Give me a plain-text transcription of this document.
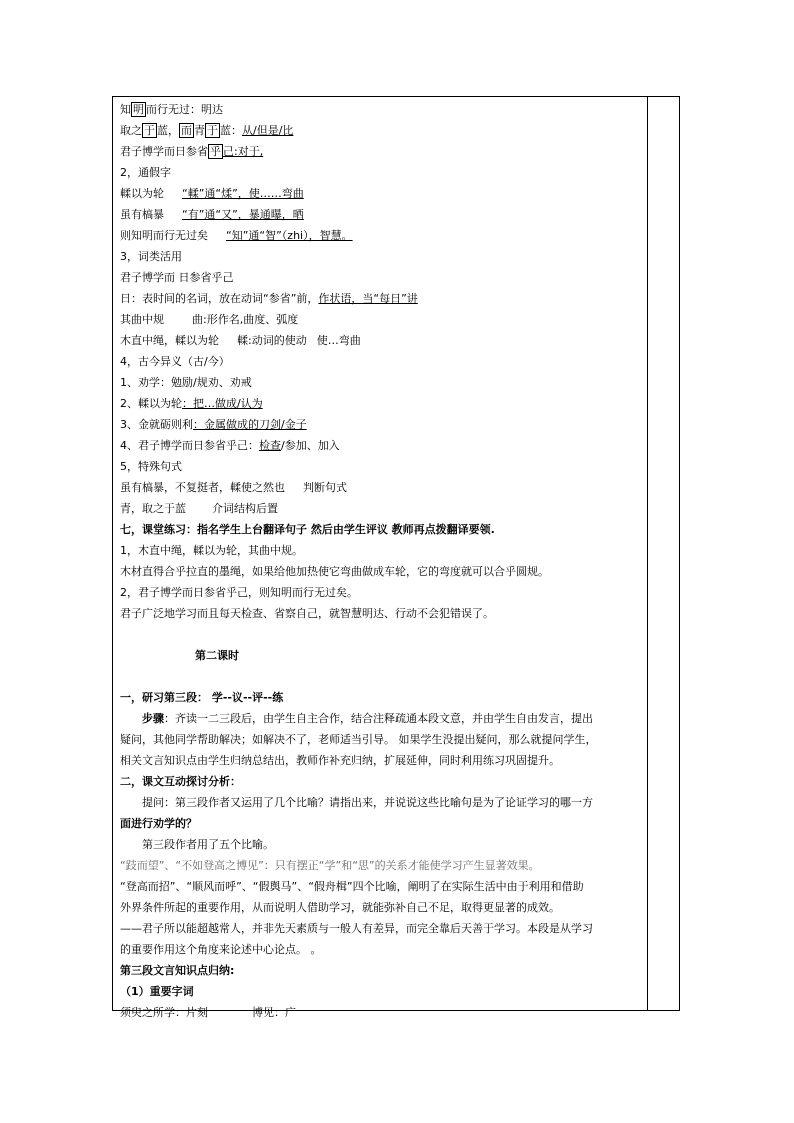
知 明 而行无过：明达
取之 于 蓝， 而 青 于 蓝：从/但是/比
君子博学而日参省 乎 己:对于,
2，通假字
輮以为轮 “輮”通“煣”，使……弯曲
虽有槁暴 “有”通“又”，暴通曝，晒
则知明而行无过矣 “知”通“智”（zhi），智慧。
3，词类活用
君子博学而 日参省乎己
日：表时间的名词，放在动词“参省”前，作状语，当“每日”讲
其曲中规	曲:形作名,曲度、弧度
木直中绳，輮以为轮 輮:动词的使动 使…弯曲
4，古今异义（古/今）
1、劝学：勉励/规劝、劝戒
2、輮以为轮：把…做成/认为
3、金就砺则利：金属做成的刀剑/金子
4、君子博学而日参省乎己：检查/参加、加入
5，特殊句式
虽有槁暴，不复挺者，輮使之然也 判断句式
青，取之于蓝 介词结构后置
七，课堂练习：指名学生上台翻译句子 然后由学生评议 教师再点拨翻译要领.
1，木直中绳，輮以为轮，其曲中规。
木材直得合乎拉直的墨绳，如果给他加热使它弯曲做成车轮，它的弯度就可以合乎圆规。
2，君子博学而日参省乎己，则知明而行无过矣。
君子广泛地学习而且每天检查、省察自己，就智慧明达、行动不会犯错误了。
第二课时
一，研习第三段： 学--议--评--练
步骤：齐读一二三段后，由学生自主合作，结合注释疏通本段文意，并由学生自由发言，提出
疑问，其他同学帮助解决；如解决不了，老师适当引导。 如果学生没提出疑问，那么就提问学生，
相关文言知识点由学生归纳总结出，教师作补充归纳，扩展延伸，同时利用练习巩固提升。
二，课文互动探讨分析：
提问：第三段作者又运用了几个比喻？请指出来，并说说这些比喻句是为了论证学习的哪一方
面进行劝学的？
第三段作者用了五个比喻。
“跂而望”、“不如登高之博见”：只有摆正“学”和“思”的关系才能使学习产生显著效果。
“登高而招”、“顺风而呼”、“假舆马”、“假舟楫”四个比喻，阐明了在实际生活中由于利用和借助
外界条件所起的重要作用，从而说明人借助学习，就能弥补自己不足，取得更显著的成效。
——君子所以能超越常人，并非先天素质与一般人有差异，而完全靠后天善于学习。本段是从学习
的重要作用这个角度来论述中心论点。 。
第三段文言知识点归纳:
（1）重要字词
须臾之所学：片刻	博见：广
